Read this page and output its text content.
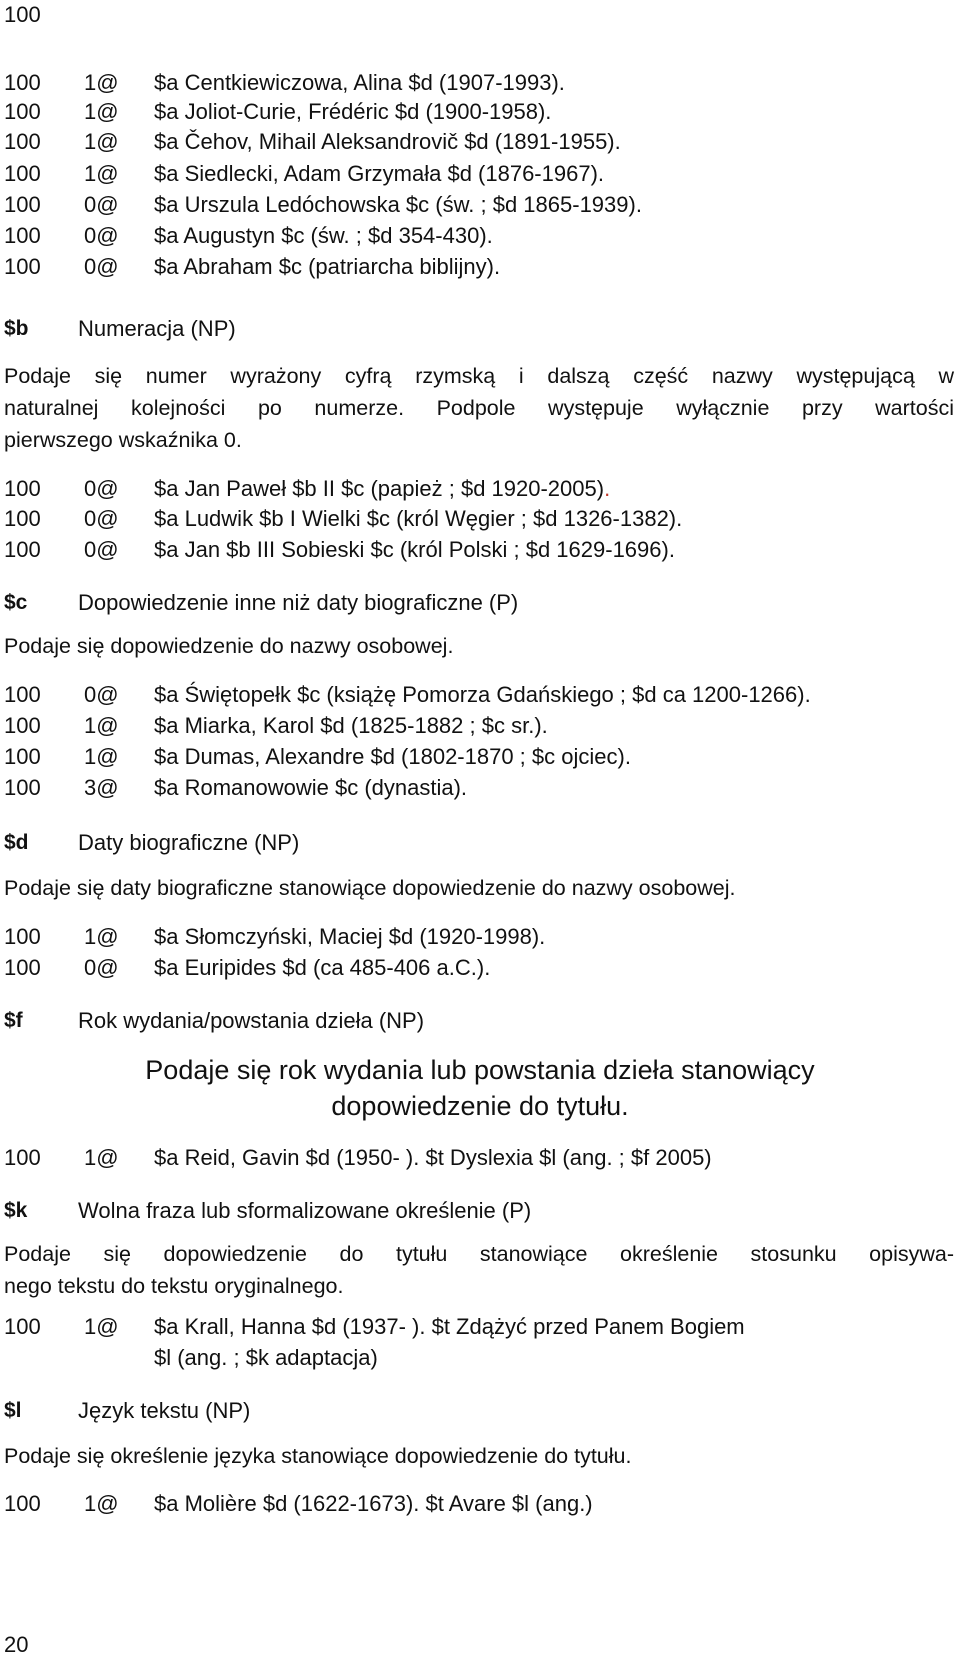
100
100 1@ $a Centkiewiczowa, Alina $d (1907-1993).
100 1@ $a Joliot-Curie, Frédéric $d (1900-1958).
100 1@ $a Čehov, Mihail Aleksandrovič $d (1891-1955).
100 1@ $a Siedlecki, Adam Grzymała $d (1876-1967).
100 0@ $a Urszula Ledóchowska $c (św. ; $d 1865-1939).
100 0@ $a Augustyn $c (św. ; $d 354-430).
100 0@ $a Abraham $c (patriarcha biblijny).
$b Numeracja (NP)
Podaje się numer wyrażony cyfrą rzymską i dalszą część nazwy występującą w
naturalnej kolejności po numerze. Podpole występuje wyłącznie przy wartości
pierwszego wskaźnika 0.
100 0@ $a Jan Paweł $b II $c (papież ; $d 1920-2005).
100 0@ $a Ludwik $b I Wielki $c (król Węgier ; $d 1326-1382).
100 0@ $a Jan $b III Sobieski $c (król Polski ; $d 1629-1696).
$c Dopowiedzenie inne niż daty biograficzne (P)
Podaje się dopowiedzenie do nazwy osobowej.
100 0@ $a Świętopełk $c (książę Pomorza Gdańskiego ; $d ca 1200-1266).
100 1@ $a Miarka, Karol $d (1825-1882 ; $c sr.).
100 1@ $a Dumas, Alexandre $d (1802-1870 ; $c ojciec).
100 3@ $a Romanowowie $c (dynastia).
$d Daty biograficzne (NP)
Podaje się daty biograficzne stanowiące dopowiedzenie do nazwy osobowej.
100 1@ $a Słomczyński, Maciej $d (1920-1998).
100 0@ $a Euripides $d (ca 485-406 a.C.).
$f	Rok wydania/powstania dzieła (NP)
Podaje się rok wydania lub powstania dzieła stanowiący
dopowiedzenie do tytułu.
100 1@ $a Reid, Gavin $d (1950- ). $t Dyslexia $l (ang. ; $f 2005)
$k Wolna fraza lub sformalizowane określenie (P)
Podaje się dopowiedzenie do tytułu stanowiące określenie stosunku opisywa-
nego tekstu do tekstu oryginalnego.
100 1@ $a Krall, Hanna $d (1937- ). $t Zdążyć przed Panem Bogiem
$l (ang. ; $k adaptacja)
$l	Język tekstu (NP)
Podaje się określenie języka stanowiące dopowiedzenie do tytułu.
100 1@ $a Molière $d (1622-1673). $t Avare $l (ang.)
20
